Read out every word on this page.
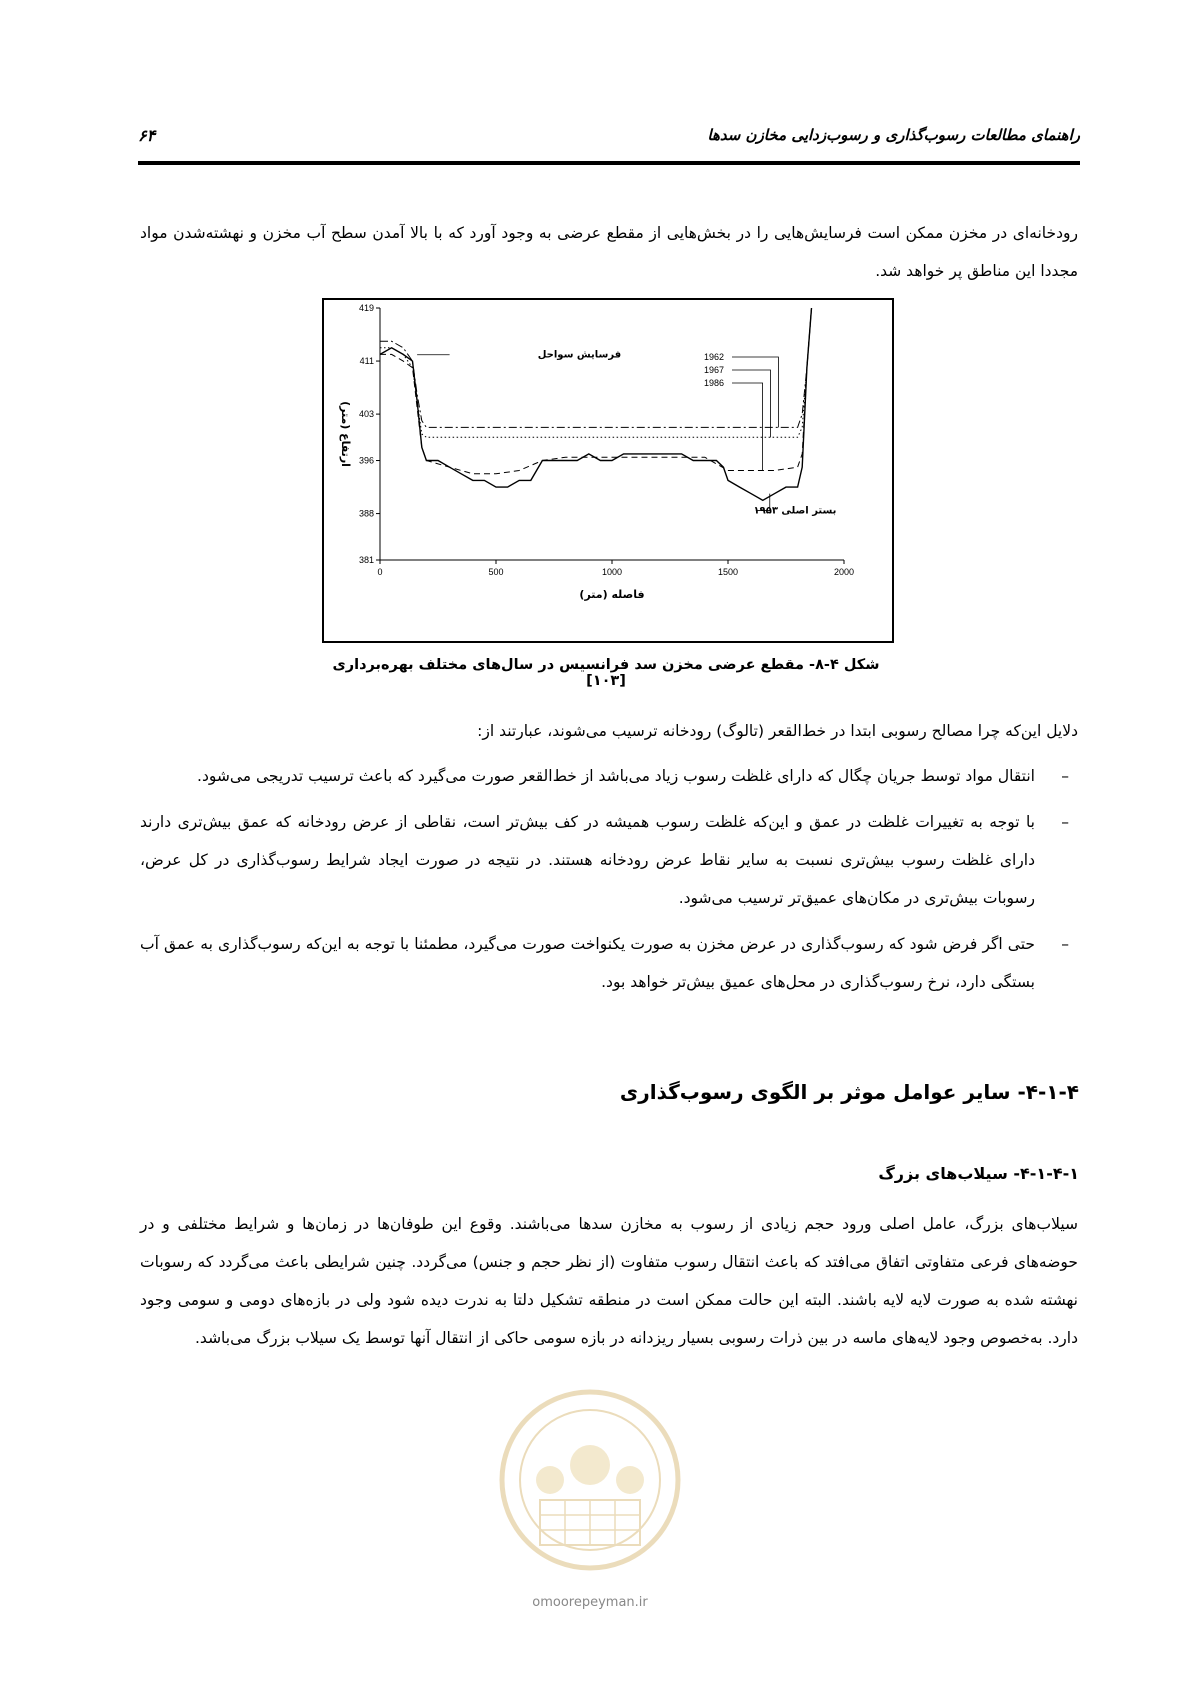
راهنمای مطالعات رسوب‌گذاری و رسوب‌زدایی مخازن سدها
۶۴
رودخانه‌ای در مخزن ممکن است فرسایش‌هایی را در بخش‌هایی از مقطع عرضی به وجود آورد که با بالا آمدن سطح آب مخزن و نهشته‌شدن مواد مجددا این مناطق پر خواهد شد.
381
388
396
403
411
419
0	500	1000	1500	2000
فاصله (متر)
ارتفاع (متر)
1962
1967
1986
فرسایش سواحل
بستر اصلی ۱۹۵۳
شکل ۴-۸- مقطع عرضی مخزن سد فرانسیس در سال‌های مختلف بهره‌برداری [۱۰۳]
دلایل این‌که چرا مصالح رسوبی ابتدا در خط‌القعر (تالوگ) رودخانه ترسیب می‌شوند، عبارتند از:
–
انتقال مواد توسط جریان چگال که دارای غلظت رسوب زیاد می‌باشد از خط‌القعر صورت می‌گیرد که باعث ترسیب تدریجی می‌شود.
–
با توجه به تغییرات غلظت در عمق و این‌که غلظت رسوب همیشه در کف بیش‌تر است، نقاطی از عرض رودخانه که عمق بیش‌تری دارند دارای غلظت رسوب بیش‌تری نسبت به سایر نقاط عرض رودخانه هستند. در نتیجه در صورت ایجاد شرایط رسوب‌گذاری در کل عرض، رسوبات بیش‌تری در مکان‌های عمیق‌تر ترسیب می‌شود.
–
حتی اگر فرض شود که رسوب‌گذاری در عرض مخزن به صورت یکنواخت صورت می‌گیرد، مطمئنا با توجه به این‌که رسوب‌گذاری به عمق آب بستگی دارد، نرخ رسوب‌گذاری در محل‌های عمیق بیش‌تر خواهد بود.
۴-۱-۴- سایر عوامل موثر بر الگوی رسوب‌گذاری
۴-۱-۴-۱- سیلاب‌های بزرگ
سیلاب‌های بزرگ، عامل اصلی ورود حجم زیادی از رسوب به مخازن سدها می‌باشند. وقوع این طوفان‌ها در زمان‌ها و شرایط مختلفی و در حوضه‌های فرعی متفاوتی اتفاق می‌افتد که باعث انتقال رسوب متفاوت (از نظر حجم و جنس) می‌گردد. چنین شرایطی باعث می‌گردد که رسوبات نهشته شده به صورت لایه لایه باشند. البته این حالت ممکن است در منطقه تشکیل دلتا به ندرت دیده شود ولی در بازه‌های دومی و سومی وجود دارد. به‌خصوص وجود لایه‌های ماسه در بین ذرات رسوبی بسیار ریزدانه در بازه سومی حاکی از انتقال آنها توسط یک سیلاب بزرگ می‌باشد.
omoorepeyman.ir
